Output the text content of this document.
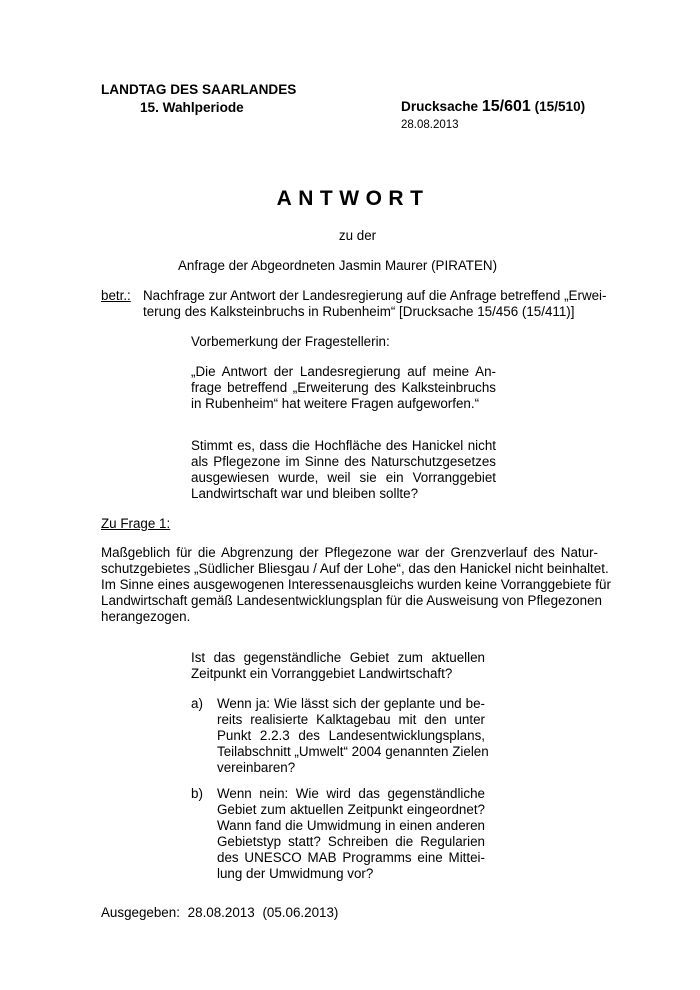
LANDTAG DES SAARLANDES
15. Wahlperiode	Drucksache 15/601 (15/510)
28.08.2013
ANTWORT
zu der
Anfrage der Abgeordneten Jasmin Maurer (PIRATEN)
betr.: Nachfrage zur Antwort der Landesregierung auf die Anfrage betreffend „Erwei-
terung des Kalksteinbruchs in Rubenheim“ [Drucksache 15/456 (15/411)]
Vorbemerkung der Fragestellerin:
„Die Antwort der Landesregierung auf meine An-
frage betreffend „Erweiterung des Kalksteinbruchs
in Rubenheim“ hat weitere Fragen aufgeworfen.“
Stimmt es, dass die Hochfläche des Hanickel nicht
als Pflegezone im Sinne des Naturschutzgesetzes
ausgewiesen wurde, weil sie ein Vorranggebiet
Landwirtschaft war und bleiben sollte?
Zu Frage 1:
Maßgeblich für die Abgrenzung der Pflegezone war der Grenzverlauf des Natur-
schutzgebietes „Südlicher Bliesgau / Auf der Lohe“, das den Hanickel nicht beinhaltet.
Im Sinne eines ausgewogenen Interessenausgleichs wurden keine Vorranggebiete für
Landwirtschaft gemäß Landesentwicklungsplan für die Ausweisung von Pflegezonen
herangezogen.
Ist das gegenständliche Gebiet zum aktuellen
Zeitpunkt ein Vorranggebiet Landwirtschaft?
a) Wenn ja: Wie lässt sich der geplante und be-
reits realisierte Kalktagebau mit den unter
Punkt 2.2.3 des Landesentwicklungsplans,
Teilabschnitt „Umwelt“ 2004 genannten Zielen
vereinbaren?
b) Wenn nein: Wie wird das gegenständliche
Gebiet zum aktuellen Zeitpunkt eingeordnet?
Wann fand die Umwidmung in einen anderen
Gebietstyp statt? Schreiben die Regularien
des UNESCO MAB Programms eine Mittei-
lung der Umwidmung vor?
Ausgegeben: 28.08.2013 (05.06.2013)
